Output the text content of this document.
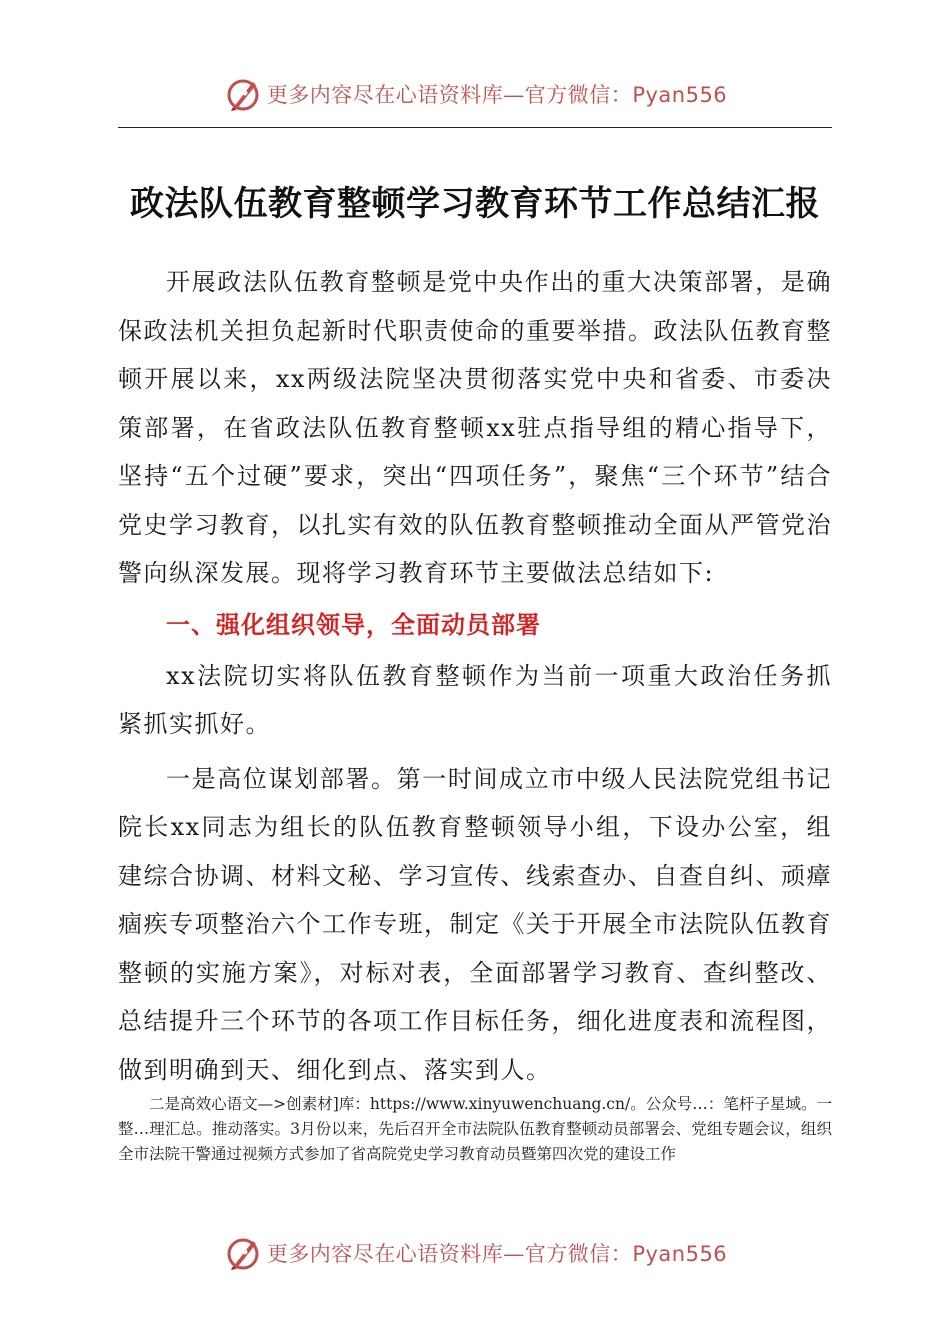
更多内容尽在心语资料库—官方微信：Pyan556
政法队伍教育整顿学习教育环节工作总结汇报

开展政法队伍教育整顿是党中央作出的重大决策部署，是确保政法机关担负起新时代职责使命的重要举措。政法队伍教育整顿开展以来，xx两级法院坚决贯彻落实党中央和省委、市委决策部署，在省政法队伍教育整顿xx驻点指导组的精心指导下，坚持“五个过硬”要求，突出“四项任务”，聚焦“三个环节”结合党史学习教育，以扎实有效的队伍教育整顿推动全面从严管党治警向纵深发展。现将学习教育环节主要做法总结如下:

一、强化组织领导，全面动员部署

xx法院切实将队伍教育整顿作为当前一项重大政治任务抓紧抓实抓好。

一是高位谋划部署。第一时间成立市中级人民法院党组书记院长xx同志为组长的队伍教育整顿领导小组，下设办公室，组建综合协调、材料文秘、学习宣传、线索查办、自查自纠、顽瘴痼疾专项整治六个工作专班，制定《关于开展全市法院队伍教育整顿的实施方案》，对标对表，全面部署学习教育、查纠整改、总结提升三个环节的各项工作目标任务，细化进度表和流程图，做到明确到天、细化到点、落实到人。

二是高效心语文—>创素材]库：https://www.xinyuwenchuang.cn/。公众号…：笔杆子星域。一整…理汇总。推动落实。3月份以来，先后召开全市法院队伍教育整顿动员部署会、党组专题会议，组织全市法院干警通过视频方式参加了省高院党史学习教育动员暨第四次党的建设工作

更多内容尽在心语资料库—官方微信：Pyan556
